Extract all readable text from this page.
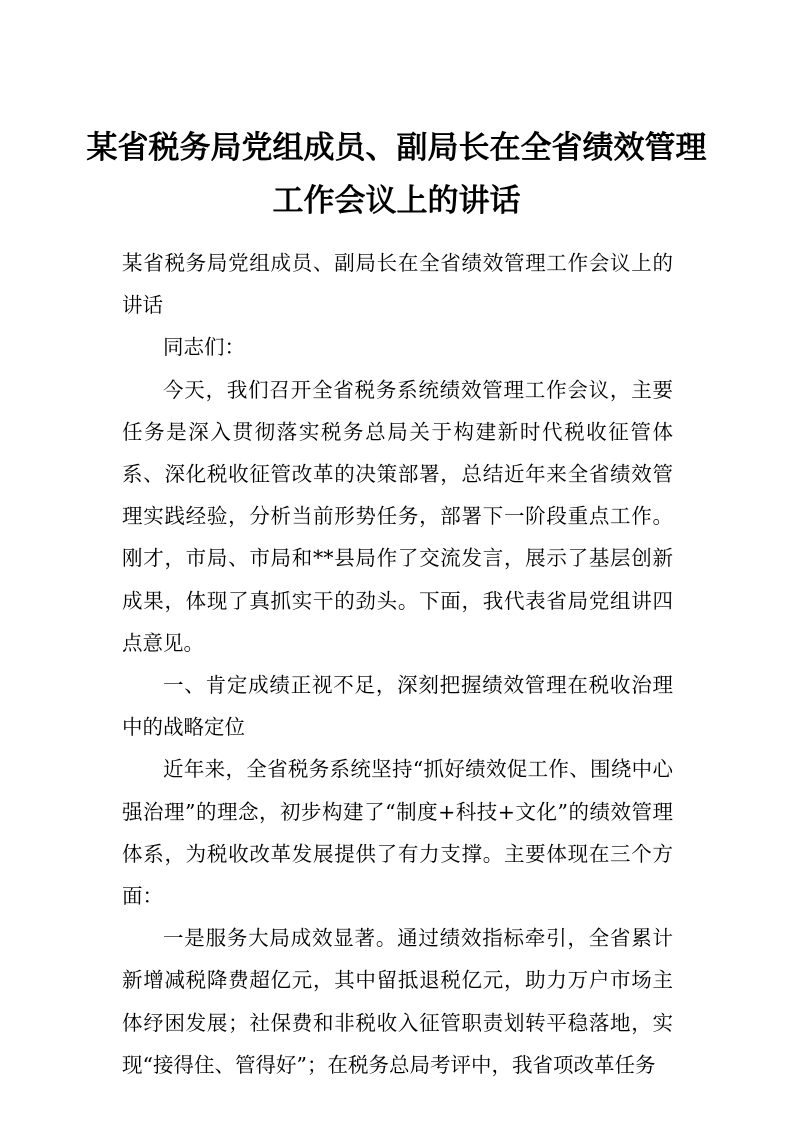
某省税务局党组成员、副局长在全省绩效管理工作会议上的讲话

某省税务局党组成员、副局长在全省绩效管理工作会议上的讲话

同志们：

今天，我们召开全省税务系统绩效管理工作会议，主要任务是深入贯彻落实税务总局关于构建新时代税收征管体系、深化税收征管改革的决策部署，总结近年来全省绩效管理实践经验，分析当前形势任务，部署下一阶段重点工作。刚才，市局、市局和**县局作了交流发言，展示了基层创新成果，体现了真抓实干的劲头。下面，我代表省局党组讲四点意见。

一、肯定成绩正视不足，深刻把握绩效管理在税收治理中的战略定位

近年来，全省税务系统坚持“抓好绩效促工作、围绕中心强治理”的理念，初步构建了“制度+科技+文化”的绩效管理体系，为税收改革发展提供了有力支撑。主要体现在三个方面：

一是服务大局成效显著。通过绩效指标牵引，全省累计新增减税降费超亿元，其中留抵退税亿元，助力万户市场主体纾困发展；社保费和非税收入征管职责划转平稳落地，实现“接得住、管得好”；在税务总局考评中，我省项改革任务
